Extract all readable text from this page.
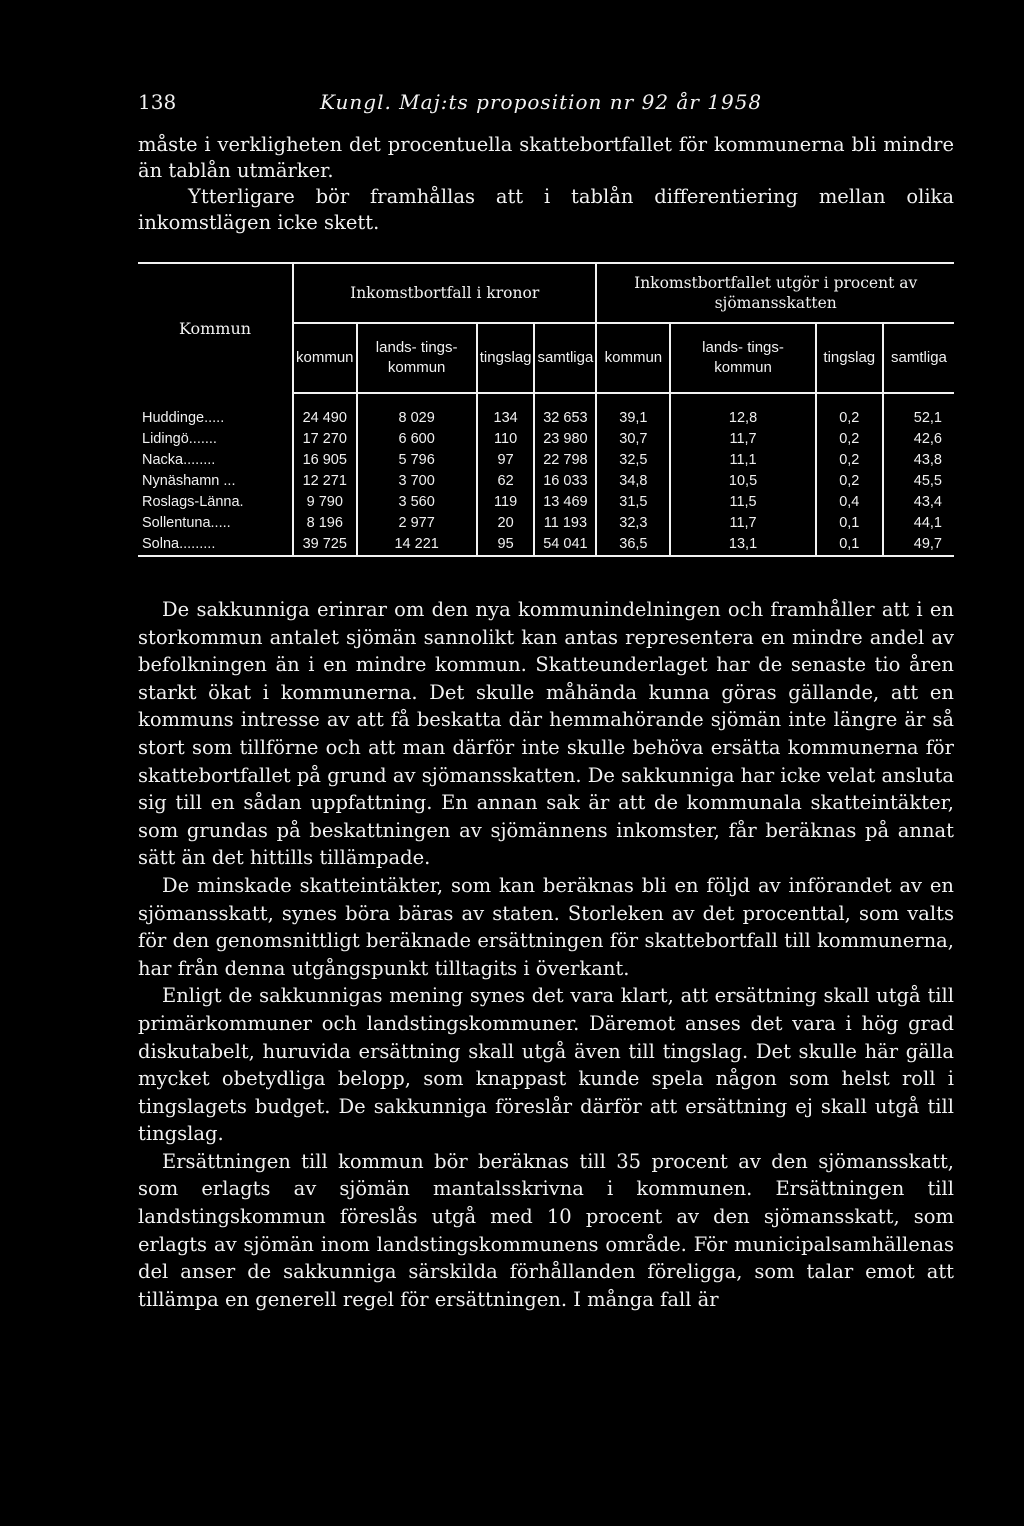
138	Kungl. Maj:ts proposition nr 92 år 1958

måste i verkligheten det procentuella skattebortfallet för kommunerna bli mindre än tablån utmärker.

Ytterligare bör framhållas att i tablån differentiering mellan olika inkomstlägen icke skett.

Kommun	Inkomstbortfall i kronor				Inkomstbortfallet utgör i procent av sjömansskatten			
	kommun	lands- tings- kommun	tingslag	samtliga	kommun	lands- tings- kommun	tingslag	samtliga

Huddinge.....	24 490	8 029	134	32 653	39,1	12,8	0,2	52,1
Lidingö.......	17 270	6 600	110	23 980	30,7	11,7	0,2	42,6
Nacka........	16 905	5 796	97	22 798	32,5	11,1	0,2	43,8
Nynäshamn ...	12 271	3 700	62	16 033	34,8	10,5	0,2	45,5
Roslags-Länna.	9 790	3 560	119	13 469	31,5	11,5	0,4	43,4
Sollentuna.....	8 196	2 977	20	11 193	32,3	11,7	0,1	44,1
Solna.........	39 725	14 221	95	54 041	36,5	13,1	0,1	49,7

De sakkunniga erinrar om den nya kommunindelningen och framhåller att i en storkommun antalet sjömän sannolikt kan antas representera en mindre andel av befolkningen än i en mindre kommun. Skatteunderlaget har de senaste tio åren starkt ökat i kommunerna. Det skulle måhända kunna göras gällande, att en kommuns intresse av att få beskatta där hemmahörande sjömän inte längre är så stort som tillförne och att man därför inte skulle behöva ersätta kommunerna för skattebortfallet på grund av sjömansskatten. De sakkunniga har icke velat ansluta sig till en sådan uppfattning. En annan sak är att de kommunala skatteintäkter, som grundas på beskattningen av sjömännens inkomster, får beräknas på annat sätt än det hittills tillämpade.

De minskade skatteintäkter, som kan beräknas bli en följd av införandet av en sjömansskatt, synes böra bäras av staten. Storleken av det procenttal, som valts för den genomsnittligt beräknade ersättningen för skattebortfall till kommunerna, har från denna utgångspunkt tilltagits i överkant.

Enligt de sakkunnigas mening synes det vara klart, att ersättning skall utgå till primärkommuner och landstingskommuner. Däremot anses det vara i hög grad diskutabelt, huruvida ersättning skall utgå även till tingslag. Det skulle här gälla mycket obetydliga belopp, som knappast kunde spela någon som helst roll i tingslagets budget. De sakkunniga föreslår därför att ersättning ej skall utgå till tingslag.

Ersättningen till kommun bör beräknas till 35 procent av den sjömansskatt, som erlagts av sjömän mantalsskrivna i kommunen. Ersättningen till landstingskommun föreslås utgå med 10 procent av den sjömansskatt, som erlagts av sjömän inom landstingskommunens område. För municipalsamhällenas del anser de sakkunniga särskilda förhållanden föreligga, som talar emot att tillämpa en generell regel för ersättningen. I många fall är
